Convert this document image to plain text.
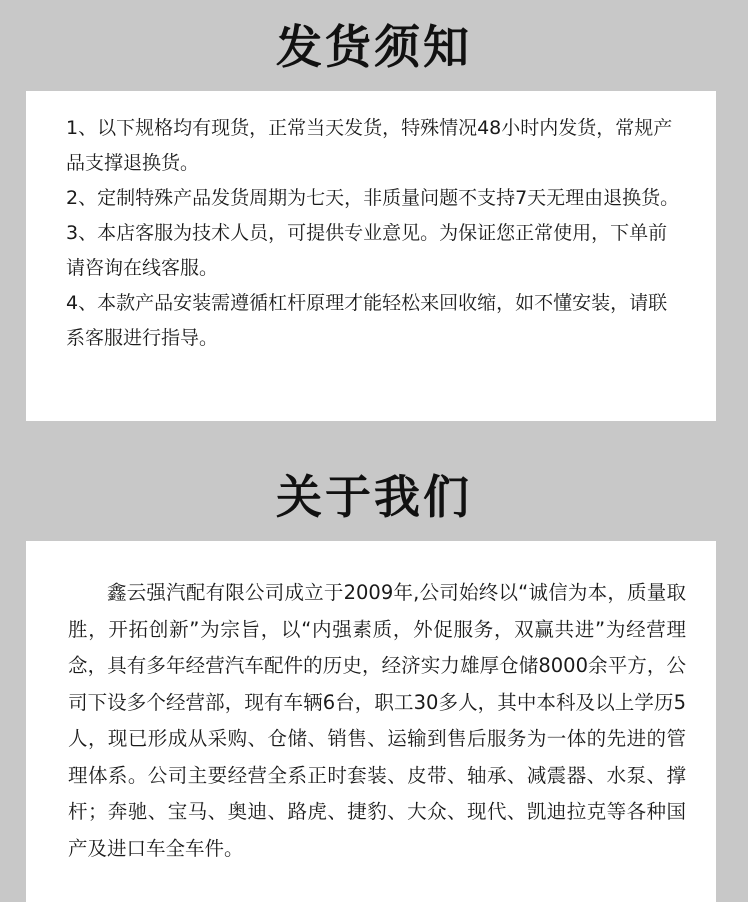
发货须知

1、以下规格均有现货，正常当天发货，特殊情况48小时内发货，常规产品支撑退换货。

2、定制特殊产品发货周期为七天，非质量问题不支持7天无理由退换货。

3、本店客服为技术人员，可提供专业意见。为保证您正常使用，下单前请咨询在线客服。

4、本款产品安装需遵循杠杆原理才能轻松来回收缩，如不懂安装，请联系客服进行指导。

关于我们

鑫云强汽配有限公司成立于2009年,公司始终以“诚信为本，质量取胜，开拓创新”为宗旨，以“内强素质，外促服务，双赢共进”为经营理念，具有多年经营汽车配件的历史，经济实力雄厚仓储8000余平方，公司下设多个经营部，现有车辆6台，职工30多人，其中本科及以上学历5人，现已形成从采购、仓储、销售、运输到售后服务为一体的先进的管理体系。公司主要经营全系正时套装、皮带、轴承、减震器、水泵、撑杆；奔驰、宝马、奥迪、路虎、捷豹、大众、现代、凯迪拉克等各种国产及进口车全车件。
